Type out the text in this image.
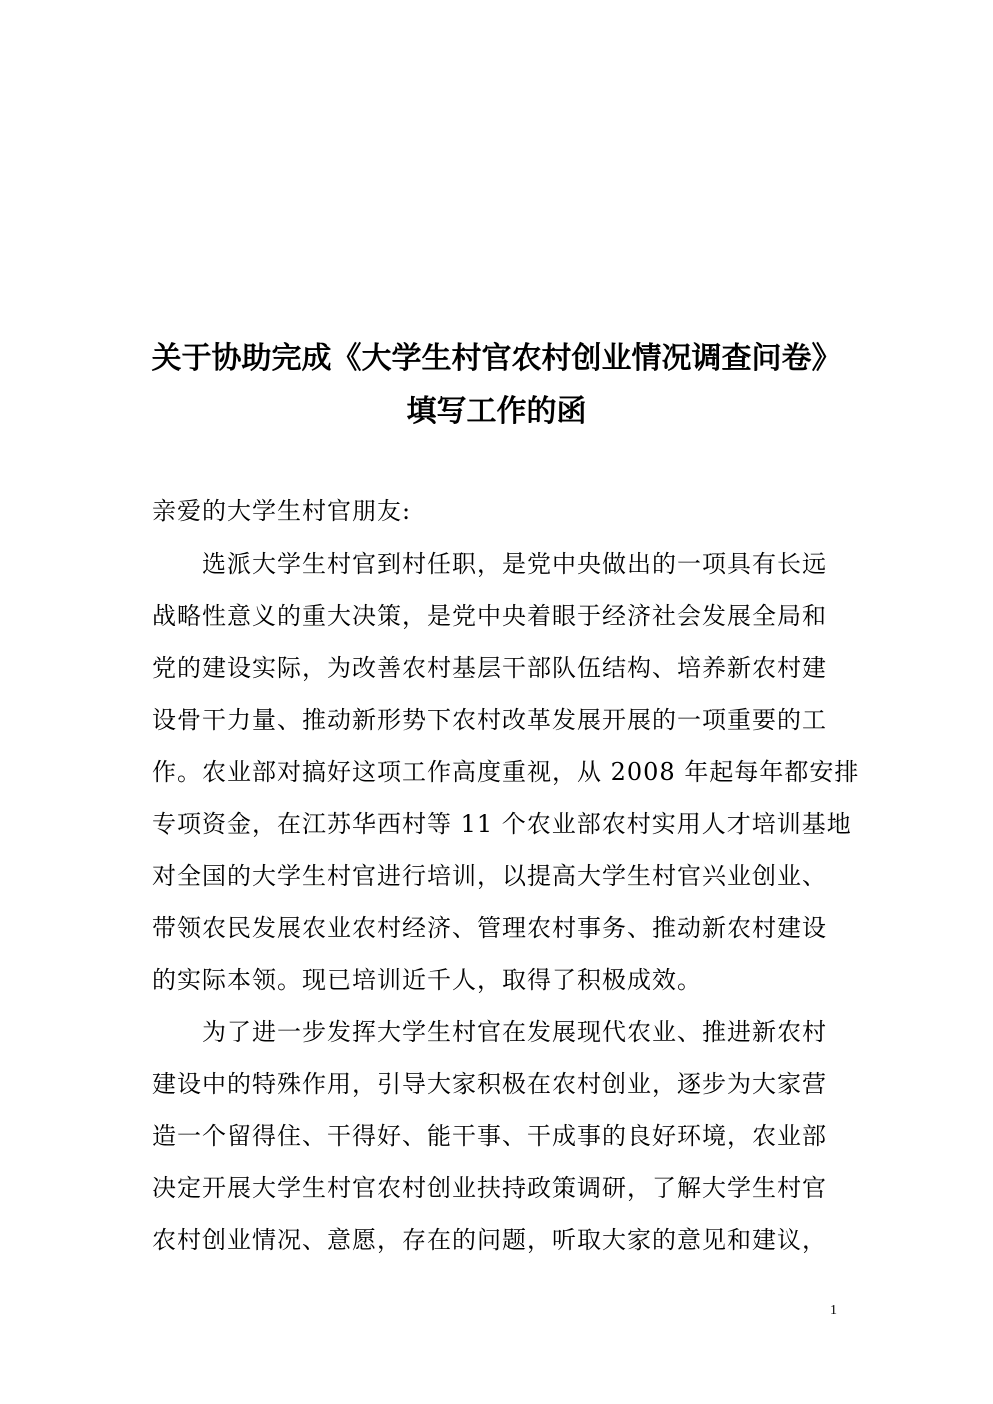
关于协助完成《大学生村官农村创业情况调查问卷》
填写工作的函
亲爱的大学生村官朋友:
　　选派大学生村官到村任职，是党中央做出的一项具有长远
战略性意义的重大决策，是党中央着眼于经济社会发展全局和
党的建设实际，为改善农村基层干部队伍结构、培养新农村建
设骨干力量、推动新形势下农村改革发展开展的一项重要的工
作。农业部对搞好这项工作高度重视，从 2008 年起每年都安排
专项资金，在江苏华西村等 11 个农业部农村实用人才培训基地
对全国的大学生村官进行培训，以提高大学生村官兴业创业、
带领农民发展农业农村经济、管理农村事务、推动新农村建设
的实际本领。现已培训近千人，取得了积极成效。
　　为了进一步发挥大学生村官在发展现代农业、推进新农村
建设中的特殊作用，引导大家积极在农村创业，逐步为大家营
造一个留得住、干得好、能干事、干成事的良好环境，农业部
决定开展大学生村官农村创业扶持政策调研，了解大学生村官
农村创业情况、意愿，存在的问题，听取大家的意见和建议，
1
